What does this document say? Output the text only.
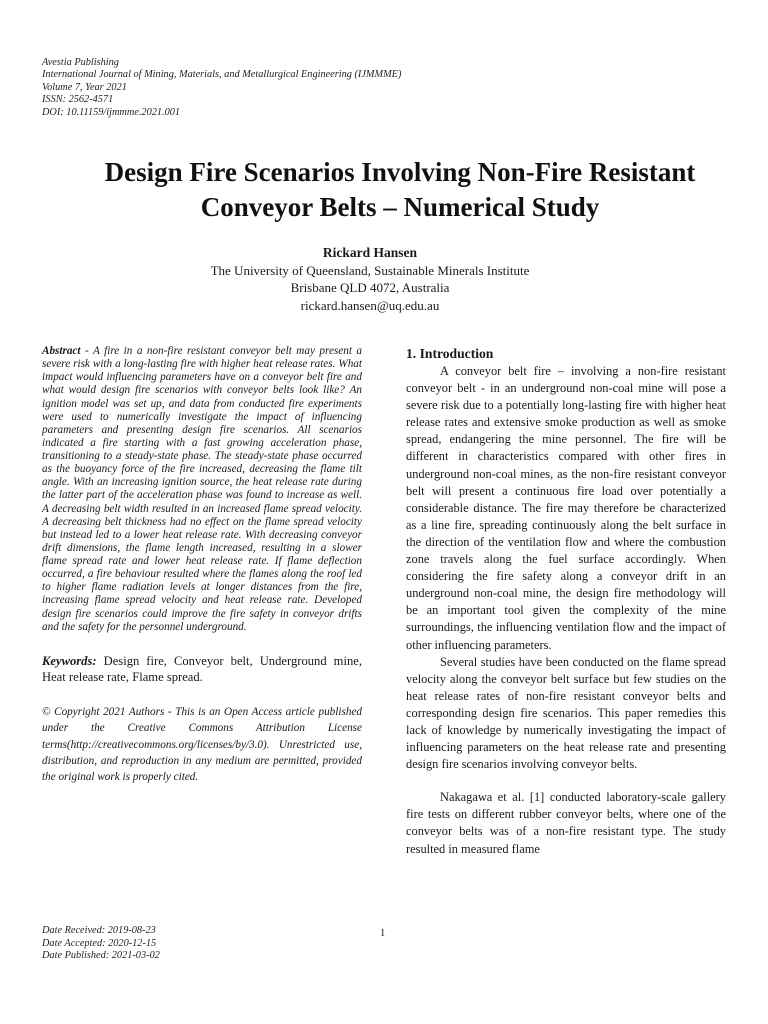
Avestia Publishing
International Journal of Mining, Materials, and Metallurgical Engineering (IJMMME)
Volume 7, Year 2021
ISSN: 2562-4571
DOI: 10.11159/ijmmme.2021.001
Design Fire Scenarios Involving Non-Fire Resistant
Conveyor Belts – Numerical Study
Rickard Hansen
The University of Queensland, Sustainable Minerals Institute
Brisbane QLD 4072, Australia
rickard.hansen@uq.edu.au

Abstract - A fire in a non-fire resistant conveyor belt may present a severe risk with a long-lasting fire with higher heat release rates. What impact would influencing parameters have on a conveyor belt fire and what would design fire scenarios with conveyor belts look like? An ignition model was set up, and data from conducted fire experiments were used to numerically investigate the impact of influencing parameters and presenting design fire scenarios. All scenarios indicated a fire starting with a fast growing acceleration phase, transitioning to a steady-state phase. The steady-state phase occurred as the buoyancy force of the fire increased, decreasing the flame tilt angle. With an increasing ignition source, the heat release rate during the latter part of the acceleration phase was found to increase as well. A decreasing belt width resulted in an increased flame spread velocity. A decreasing belt thickness had no effect on the flame spread velocity but instead led to a lower heat release rate. With decreasing conveyor drift dimensions, the flame length increased, resulting in a slower flame spread rate and lower heat release rate. If flame deflection occurred, a fire behaviour resulted where the flames along the roof led to higher flame radiation levels at longer distances from the fire, increasing flame spread velocity and heat release rate. Developed design fire scenarios could improve the fire safety in conveyor drifts and the safety for the personnel underground.

Keywords: Design fire, Conveyor belt, Underground mine, Heat release rate, Flame spread.

© Copyright 2021 Authors - This is an Open Access article published under the Creative Commons Attribution License terms(http://creativecommons.org/licenses/by/3.0). Unrestricted use, distribution, and reproduction in any medium are permitted, provided the original work is properly cited.

1. Introduction

A conveyor belt fire – involving a non-fire resistant conveyor belt - in an underground non-coal mine will pose a severe risk due to a potentially long-lasting fire with higher heat release rates and extensive smoke production as well as smoke spread, endangering the mine personnel. The fire will be different in characteristics compared with other fires in underground non-coal mines, as the non-fire resistant conveyor belt will present a continuous fire load over potentially a considerable distance. The fire may therefore be characterized as a line fire, spreading continuously along the belt surface in the direction of the ventilation flow and where the combustion zone travels along the fuel surface accordingly. When considering the fire safety along a conveyor drift in an underground non-coal mine, the design fire methodology will be an important tool given the complexity of the mine surroundings, the influencing ventilation flow and the impact of other influencing parameters.

Several studies have been conducted on the flame spread velocity along the conveyor belt surface but few studies on the heat release rates of non-fire resistant conveyor belts and corresponding design fire scenarios. This paper remedies this lack of knowledge by numerically investigating the impact of influencing parameters on the heat release rate and presenting design fire scenarios involving conveyor belts.

Nakagawa et al. [1] conducted laboratory-scale gallery fire tests on different rubber conveyor belts, where one of the conveyor belts was of a non-fire resistant type. The study resulted in measured flame

Date Received: 2019-08-23
Date Accepted: 2020-12-15
Date Published: 2021-03-02
1
